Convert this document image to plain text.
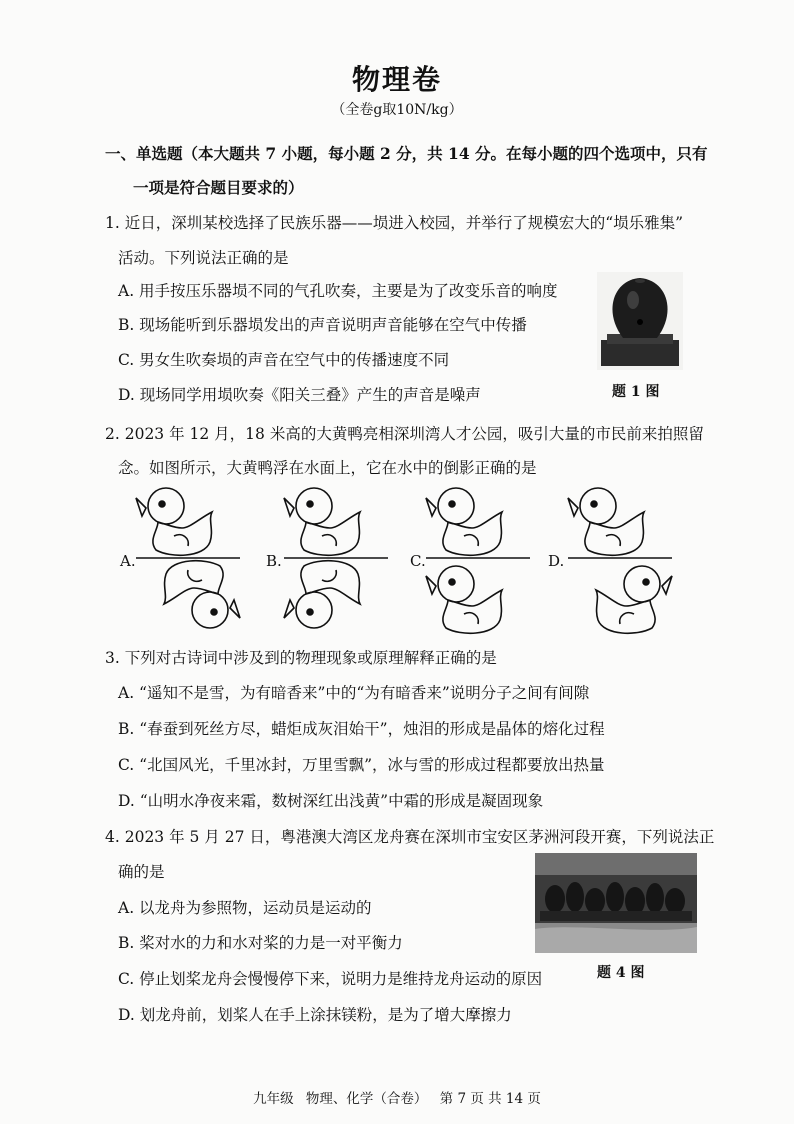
物理卷
（全卷g取10N/kg）
一、单选题（本大题共 7 小题，每小题 2 分，共 14 分。在每小题的四个选项中，只有
一项是符合题目要求的）
1. 近日，深圳某校选择了民族乐器——埙进入校园，并举行了规模宏大的“埙乐雅集”
活动。下列说法正确的是
A. 用手按压乐器埙不同的气孔吹奏，主要是为了改变乐音的响度
B. 现场能听到乐器埙发出的声音说明声音能够在空气中传播
C. 男女生吹奏埙的声音在空气中的传播速度不同
D. 现场同学用埙吹奏《阳关三叠》产生的声音是噪声	题 1 图
2. 2023 年 12 月，18 米高的大黄鸭亮相深圳湾人才公园，吸引大量的市民前来拍照留
念。如图所示，大黄鸭浮在水面上，它在水中的倒影正确的是
A.	B.	C.	D.
3. 下列对古诗词中涉及到的物理现象或原理解释正确的是
A. “遥知不是雪，为有暗香来”中的“为有暗香来”说明分子之间有间隙
B. “春蚕到死丝方尽，蜡炬成灰泪始干”，烛泪的形成是晶体的熔化过程
C. “北国风光，千里冰封，万里雪飘”，冰与雪的形成过程都要放出热量
D. “山明水净夜来霜，数树深红出浅黄”中霜的形成是凝固现象
4. 2023 年 5 月 27 日，粤港澳大湾区龙舟赛在深圳市宝安区茅洲河段开赛，下列说法正
确的是
A. 以龙舟为参照物，运动员是运动的
B. 桨对水的力和水对桨的力是一对平衡力
C. 停止划桨龙舟会慢慢停下来，说明力是维持龙舟运动的原因
D. 划龙舟前，划桨人在手上涂抹镁粉，是为了增大摩擦力
题 4 图
九年级 物理、化学（合卷） 第 7 页 共 14 页
